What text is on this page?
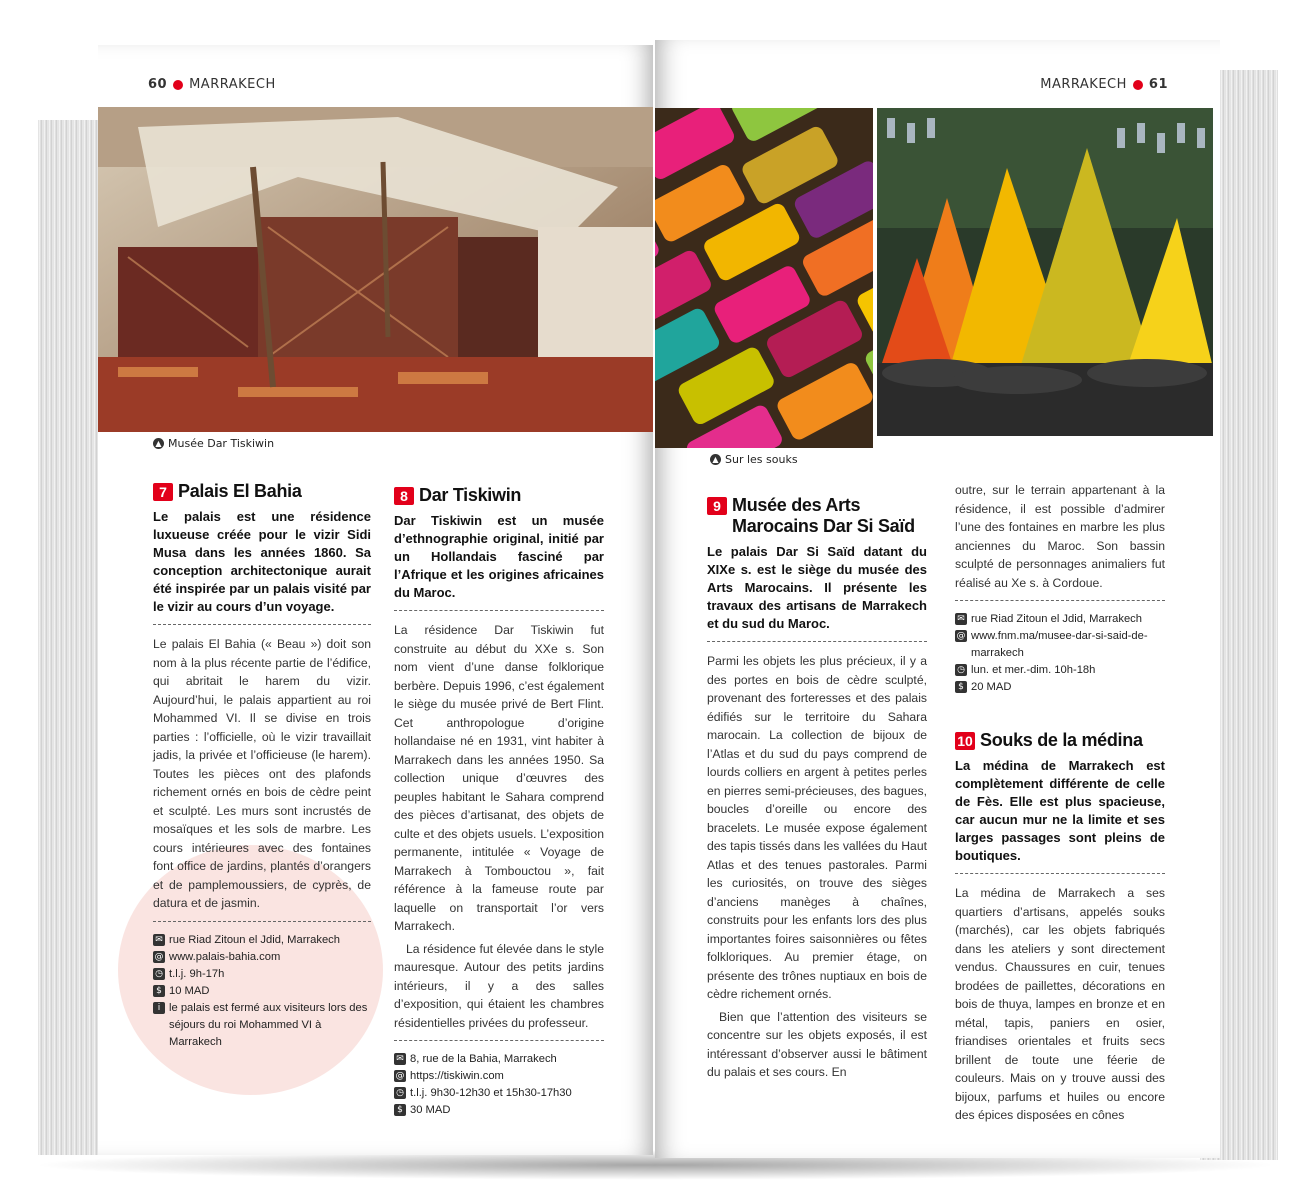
60 MARRAKECH
▲ Musée Dar Tiskiwin
7 Palais El Bahia

Le palais est une résidence luxueuse créée pour le vizir Sidi Musa dans les années 1860. Sa conception architectonique aurait été inspirée par un palais visité par le vizir au cours d’un voyage.

Le palais El Bahia (« Beau ») doit son nom à la plus récente partie de l’édifice, qui abritait le harem du vizir. Aujourd’hui, le palais appartient au roi Mohammed VI. Il se divise en trois parties : l’officielle, où le vizir travaillait jadis, la privée et l’officieuse (le harem). Toutes les pièces ont des plafonds richement ornés en bois de cèdre peint et sculpté. Les murs sont incrustés de mosaïques et les sols de marbre. Les cours intérieures avec des fontaines font office de jardins, plantés d’orangers et de pamplemoussiers, de cyprès, de datura et de jasmin.

✉ rue Riad Zitoun el Jdid, Marrakech

@ www.palais-bahia.com

◷ t.l.j. 9h-17h

$ 10 MAD

i le palais est fermé aux visiteurs lors des séjours du roi Mohammed VI à Marrakech

8 Dar Tiskiwin

Dar Tiskiwin est un musée d’ethnographie original, initié par un Hollandais fasciné par l’Afrique et les origines africaines du Maroc.

La résidence Dar Tiskiwin fut construite au début du XXe s. Son nom vient d’une danse folklorique berbère. Depuis 1996, c’est également le siège du musée privé de Bert Flint. Cet anthropologue d’origine hollandaise né en 1931, vint habiter à Marrakech dans les années 1950. Sa collection unique d’œuvres des peuples habitant le Sahara comprend des pièces d’artisanat, des objets de culte et des objets usuels. L’exposition permanente, intitulée « Voyage de Marrakech à Tombouctou », fait référence à la fameuse route par laquelle on transportait l’or vers Marrakech.

La résidence fut élevée dans le style mauresque. Autour des petits jardins intérieurs, il y a des salles d’exposition, qui étaient les chambres résidentielles privées du professeur.

✉ 8, rue de la Bahia, Marrakech

@ https://tiskiwin.com

◷ t.l.j. 9h30-12h30 et 15h30-17h30

$ 30 MAD

MARRAKECH 61
▲ Sur les souks
9 Musée des Arts Marocains Dar Si Saïd

Le palais Dar Si Saïd datant du XIXe s. est le siège du musée des Arts Marocains. Il présente les travaux des artisans de Marrakech et du sud du Maroc.

Parmi les objets les plus précieux, il y a des portes en bois de cèdre sculpté, provenant des forteresses et des palais édifiés sur le territoire du Sahara marocain. La collection de bijoux de l’Atlas et du sud du pays comprend de lourds colliers en argent à petites perles en pierres semi-précieuses, des bagues, boucles d’oreille ou encore des bracelets. Le musée expose également des tapis tissés dans les vallées du Haut Atlas et des tenues pastorales. Parmi les curiosités, on trouve des sièges d’anciens manèges à chaînes, construits pour les enfants lors des plus importantes foires saisonnières ou fêtes folkloriques. Au premier étage, on présente des trônes nuptiaux en bois de cèdre richement ornés.

Bien que l’attention des visiteurs se concentre sur les objets exposés, il est intéressant d’observer aussi le bâtiment du palais et ses cours. En

outre, sur le terrain appartenant à la résidence, il est possible d’admirer l’une des fontaines en marbre les plus anciennes du Maroc. Son bassin sculpté de personnages animaliers fut réalisé au Xe s. à Cordoue.

✉ rue Riad Zitoun el Jdid, Marrakech

@ www.fnm.ma/musee-dar-si-said-de-marrakech

◷ lun. et mer.-dim. 10h-18h

$ 20 MAD

10 Souks de la médina

La médina de Marrakech est complètement différente de celle de Fès. Elle est plus spacieuse, car aucun mur ne la limite et ses larges passages sont pleins de boutiques.

La médina de Marrakech a ses quartiers d’artisans, appelés souks (marchés), car les objets fabriqués dans les ateliers y sont directement vendus. Chaussures en cuir, tenues brodées de paillettes, décorations en bois de thuya, lampes en bronze et en métal, tapis, paniers en osier, friandises orientales et fruits secs brillent de toute une féerie de couleurs. Mais on y trouve aussi des bijoux, parfums et huiles ou encore des épices disposées en cônes
